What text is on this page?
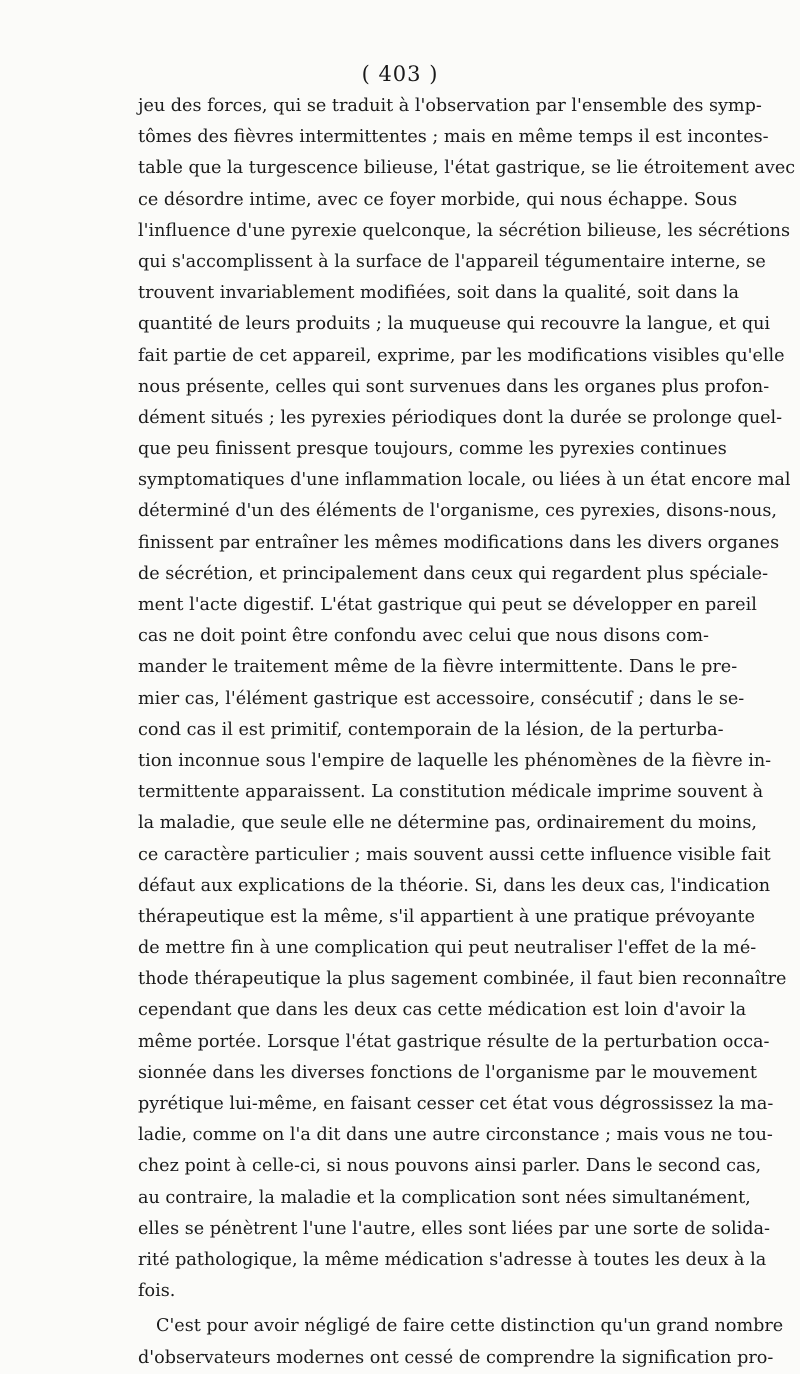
( 403 )
jeu des forces, qui se traduit à l'observation par l'ensemble des symp-
tômes des fièvres intermittentes ; mais en même temps il est incontes-
table que la turgescence bilieuse, l'état gastrique, se lie étroitement avec
ce désordre intime, avec ce foyer morbide, qui nous échappe. Sous
l'influence d'une pyrexie quelconque, la sécrétion bilieuse, les sécrétions
qui s'accomplissent à la surface de l'appareil tégumentaire interne, se
trouvent invariablement modifiées, soit dans la qualité, soit dans la
quantité de leurs produits ; la muqueuse qui recouvre la langue, et qui
fait partie de cet appareil, exprime, par les modifications visibles qu'elle
nous présente, celles qui sont survenues dans les organes plus profon-
dément situés ; les pyrexies périodiques dont la durée se prolonge quel-
que peu finissent presque toujours, comme les pyrexies continues
symptomatiques d'une inflammation locale, ou liées à un état encore mal
déterminé d'un des éléments de l'organisme, ces pyrexies, disons-nous,
finissent par entraîner les mêmes modifications dans les divers organes
de sécrétion, et principalement dans ceux qui regardent plus spéciale-
ment l'acte digestif. L'état gastrique qui peut se développer en pareil
cas ne doit point être confondu avec celui que nous disons com-
mander le traitement même de la fièvre intermittente. Dans le pre-
mier cas, l'élément gastrique est accessoire, consécutif ; dans le se-
cond cas il est primitif, contemporain de la lésion, de la perturba-
tion inconnue sous l'empire de laquelle les phénomènes de la fièvre in-
termittente apparaissent. La constitution médicale imprime souvent à
la maladie, que seule elle ne détermine pas, ordinairement du moins,
ce caractère particulier ; mais souvent aussi cette influence visible fait
défaut aux explications de la théorie. Si, dans les deux cas, l'indication
thérapeutique est la même, s'il appartient à une pratique prévoyante
de mettre fin à une complication qui peut neutraliser l'effet de la mé-
thode thérapeutique la plus sagement combinée, il faut bien reconnaître
cependant que dans les deux cas cette médication est loin d'avoir la
même portée. Lorsque l'état gastrique résulte de la perturbation occa-
sionnée dans les diverses fonctions de l'organisme par le mouvement
pyrétique lui-même, en faisant cesser cet état vous dégrossissez la ma-
ladie, comme on l'a dit dans une autre circonstance ; mais vous ne tou-
chez point à celle-ci, si nous pouvons ainsi parler. Dans le second cas,
au contraire, la maladie et la complication sont nées simultanément,
elles se pénètrent l'une l'autre, elles sont liées par une sorte de solida-
rité pathologique, la même médication s'adresse à toutes les deux à la
fois.
C'est pour avoir négligé de faire cette distinction qu'un grand nombre
d'observateurs modernes ont cessé de comprendre la signification pro-
